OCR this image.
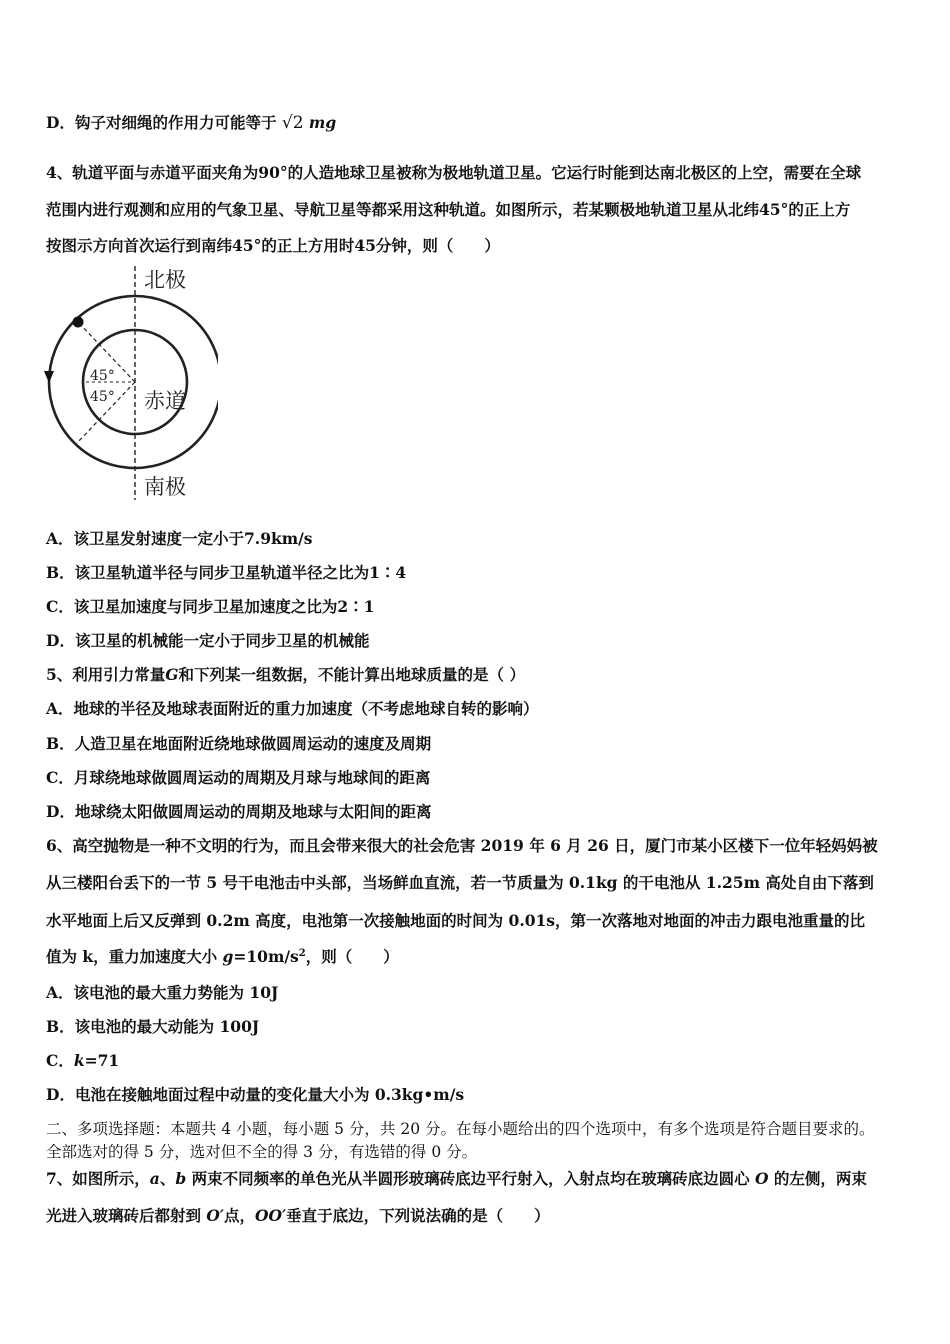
D．钩子对细绳的作用力可能等于 √2 mg
4、轨道平面与赤道平面夹角为90°的人造地球卫星被称为极地轨道卫星。它运行时能到达南北极区的上空，需要在全球
范围内进行观测和应用的气象卫星、导航卫星等都采用这种轨道。如图所示，若某颗极地轨道卫星从北纬45°的正上方
按图示方向首次运行到南纬45°的正上方用时45分钟，则（　　）
北极
南极
赤道
45°
45°
A．该卫星发射速度一定小于7.9km/s
B．该卫星轨道半径与同步卫星轨道半径之比为1∶4
C．该卫星加速度与同步卫星加速度之比为2∶1
D．该卫星的机械能一定小于同步卫星的机械能
5、利用引力常量G和下列某一组数据，不能计算出地球质量的是（ ）
A．地球的半径及地球表面附近的重力加速度（不考虑地球自转的影响）
B．人造卫星在地面附近绕地球做圆周运动的速度及周期
C．月球绕地球做圆周运动的周期及月球与地球间的距离
D．地球绕太阳做圆周运动的周期及地球与太阳间的距离
6、高空抛物是一种不文明的行为，而且会带来很大的社会危害 2019 年 6 月 26 日，厦门市某小区楼下一位年轻妈妈被
从三楼阳台丢下的一节 5 号干电池击中头部，当场鲜血直流，若一节质量为 0.1kg 的干电池从 1.25m 高处自由下落到
水平地面上后又反弹到 0.2m 高度，电池第一次接触地面的时间为 0.01s，第一次落地对地面的冲击力跟电池重量的比
值为 k，重力加速度大小 $g=10m/s^2$，则（　　）
A．该电池的最大重力势能为 10J
B．该电池的最大动能为 100J
C．k=71
D．电池在接触地面过程中动量的变化量大小为 0.3kg•m/s
二、多项选择题：本题共 4 小题，每小题 5 分，共 20 分。在每小题给出的四个选项中，有多个选项是符合题目要求的。
全部选对的得 5 分，选对但不全的得 3 分，有选错的得 0 分。
7、如图所示，a、b 两束不同频率的单色光从半圆形玻璃砖底边平行射入，入射点均在玻璃砖底边圆心 O 的左侧，两束
光进入玻璃砖后都射到 O′点，OO′垂直于底边，下列说法确的是（　　）
